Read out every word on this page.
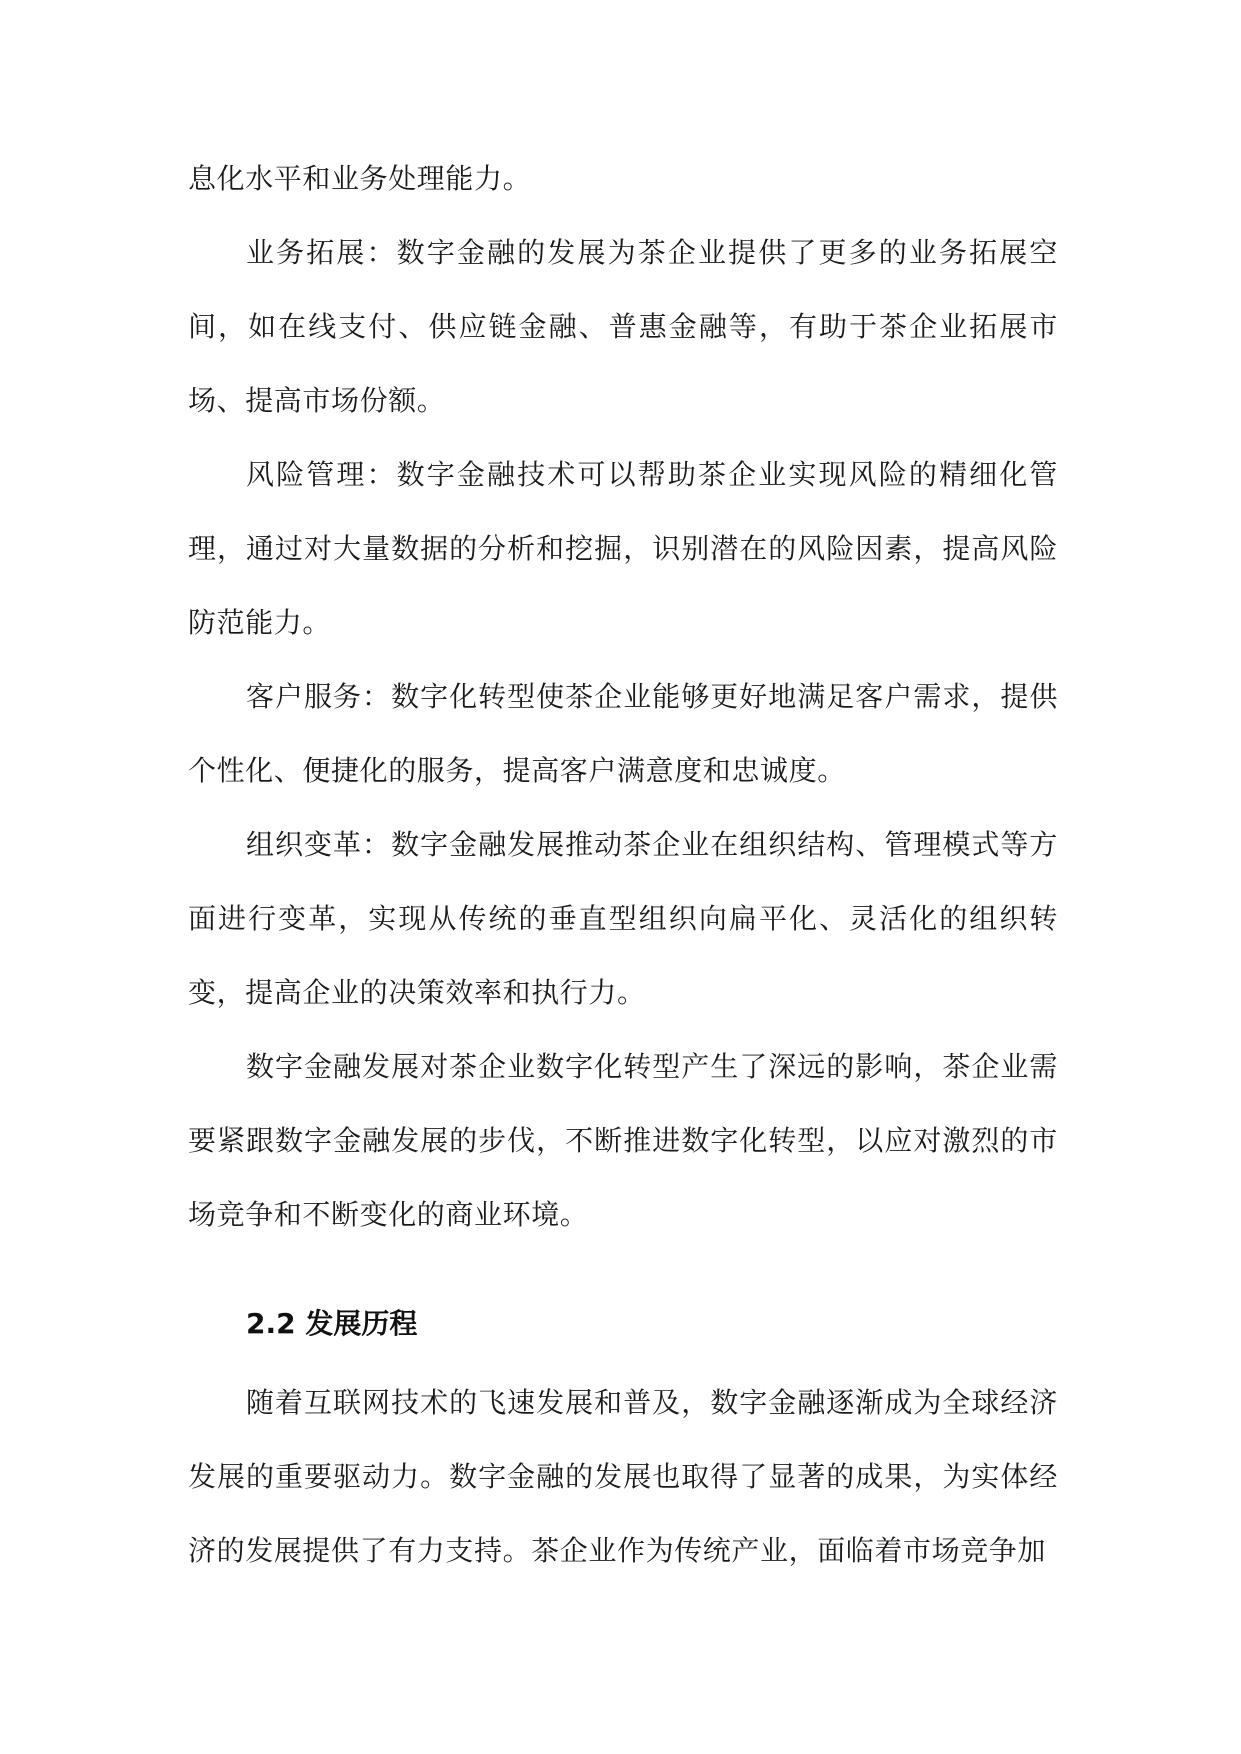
息化水平和业务处理能力。

业务拓展：数字金融的发展为茶企业提供了更多的业务拓展空间，如在线支付、供应链金融、普惠金融等，有助于茶企业拓展市场、提高市场份额。

风险管理：数字金融技术可以帮助茶企业实现风险的精细化管理，通过对大量数据的分析和挖掘，识别潜在的风险因素，提高风险防范能力。

客户服务：数字化转型使茶企业能够更好地满足客户需求，提供个性化、便捷化的服务，提高客户满意度和忠诚度。

组织变革：数字金融发展推动茶企业在组织结构、管理模式等方面进行变革，实现从传统的垂直型组织向扁平化、灵活化的组织转变，提高企业的决策效率和执行力。

数字金融发展对茶企业数字化转型产生了深远的影响，茶企业需要紧跟数字金融发展的步伐，不断推进数字化转型，以应对激烈的市场竞争和不断变化的商业环境。

2.2 发展历程

随着互联网技术的飞速发展和普及，数字金融逐渐成为全球经济发展的重要驱动力。数字金融的发展也取得了显著的成果，为实体经济的发展提供了有力支持。茶企业作为传统产业，面临着市场竞争加
